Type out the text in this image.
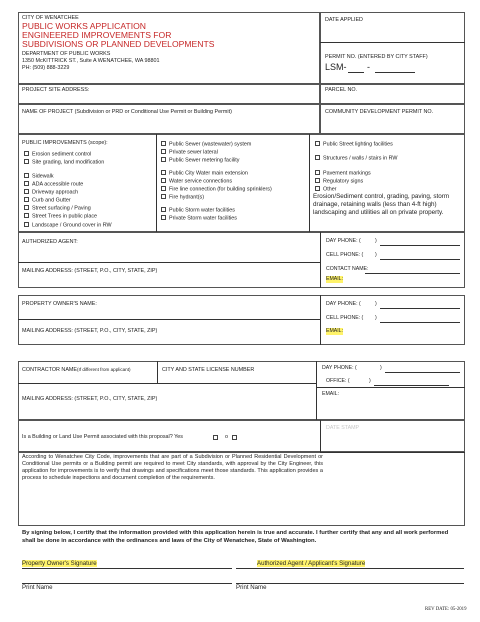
CITY OF WENATCHEE
PUBLIC WORKS APPLICATION
ENGINEERED IMPROVEMENTS FOR
SUBDIVISIONS OR PLANNED DEVELOPMENTS
DEPARTMENT OF PUBLIC WORKS
1350 McKITTRICK ST., Suite A WENATCHEE, WA 98801
PH: (509) 888-3229
DATE APPLIED
PERMIT NO. (ENTERED BY CITY STAFF)
LSM- -
PROJECT SITE ADDRESS:	PARCEL NO.
NAME OF PROJECT (Subdivision or PRD or Conditional Use Permit or Building Permit)	COMMUNITY DEVELOPMENT PERMIT NO.
PUBLIC IMPROVEMENTS (scope):
Erosion sediment control
Site grading, land modification
Sidewalk
ADA accessible route
Driveway approach
Curb and Gutter
Street surfacing / Paving
Street Trees in public place
Landscape / Ground cover in RW
Public Sewer (wastewater) system
Private sewer lateral
Public Sewer metering facility
Public City Water main extension
Water service connections
Fire line connection (for building sprinklers)
Fire hydrant(s)
Public Storm water facilities
Private Storm water facilities
Public Street lighting facilities
Structures / walls / stairs in RW
Pavement markings
Regulatory signs
Other
Erosion/Sediment control, grading, paving, storm drainage, retaining walls (less than 4-ft high) landscaping and utilities all on private property.
AUTHORIZED AGENT:
MAILING ADDRESS: (STREET, P.O., CITY, STATE, ZIP)
DAY PHONE: (	)
CELL PHONE: ( )
CONTACT NAME:
EMAIL:
PROPERTY OWNER'S NAME:
MAILING ADDRESS: (STREET, P.O., CITY, STATE, ZIP)
DAY PHONE: (	)
CELL PHONE: ( )
EMAIL:
CONTRACTOR NAME(If different from applicant)	CITY AND STATE LICENSE NUMBER
MAILING ADDRESS: (STREET, P.O., CITY, STATE, ZIP)
DAY PHONE: (	)
OFFICE: (	)
EMAIL:
Is a Building or Land Use Permit associated with this proposal? Yes	o
DATE STAMP
According to Wenatchee City Code, improvements that are part of a Subdivision or Planned Residential Development or Conditional Use permits or a Building permit are required to meet City standards, with approval by the City Engineer, this application for improvements is to verify that drawings and specifications meet those standards. This application provides a process to schedule inspections and document completion of the requirements.
By signing below, I certify that the information provided with this application herein is true and accurate. I further certify that any and all work performed shall be done in accordance with the ordinances and laws of the City of Wenatchee, State of Washington.
Property Owner's Signature	Authorized Agent / Applicant's Signature
Print Name	Print Name
REV DATE: 05-2019
